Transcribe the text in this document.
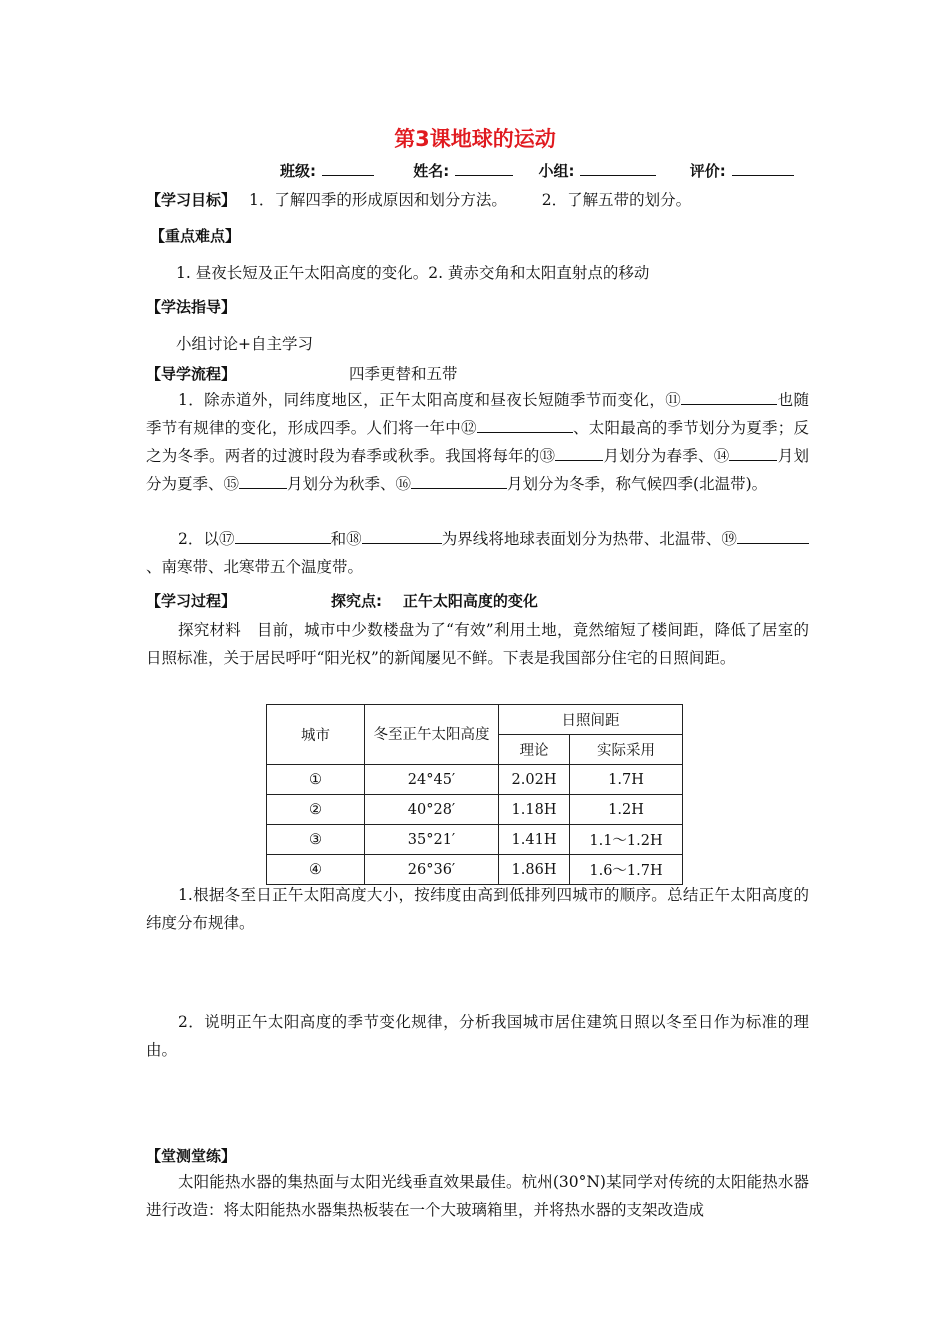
第3课地球的运动
班级:	姓名:	小组:	评价:
【学习目标】 1．了解四季的形成原因和划分方法。 2．了解五带的划分。
【重点难点】
1. 昼夜长短及正午太阳高度的变化。2. 黄赤交角和太阳直射点的移动
【学法指导】
小组讨论+自主学习
【导学流程】	四季更替和五带
1．除赤道外，同纬度地区，正午太阳高度和昼夜长短随季节而变化，⑪	也随季节有规律的变化，形成四季。人们将一年中⑫	、太阳最高的季节划分为夏季；反之为冬季。两者的过渡时段为春季或秋季。我国将每年的⑬	月划分为春季、⑭	月划分为夏季、⑮	月划分为秋季、⑯	月划分为冬季，称气候四季(北温带)。
2．以⑰	和⑱	为界线将地球表面划分为热带、北温带、⑲、南寒带、北寒带五个温度带。
【学习过程】	探究点: 正午太阳高度的变化
探究材料　目前，城市中少数楼盘为了“有效”利用土地，竟然缩短了楼间距，降低了居室的日照标准，关于居民呼吁“阳光权”的新闻屡见不鲜。下表是我国部分住宅的日照间距。
城市	冬至正午太阳高度	日照间距	
		理论	实际采用
①	24°45′	2.02H	1.7H
②	40°28′	1.18H	1.2H
③	35°21′	1.41H	1.1～1.2H
④	26°36′	1.86H	1.6～1.7H
1.根据冬至日正午太阳高度大小，按纬度由高到低排列四城市的顺序。总结正午太阳高度的纬度分布规律。
2．说明正午太阳高度的季节变化规律，分析我国城市居住建筑日照以冬至日作为标准的理由。
【堂测堂练】
太阳能热水器的集热面与太阳光线垂直效果最佳。杭州(30°N)某同学对传统的太阳能热水器进行改造：将太阳能热水器集热板装在一个大玻璃箱里，并将热水器的支架改造成
